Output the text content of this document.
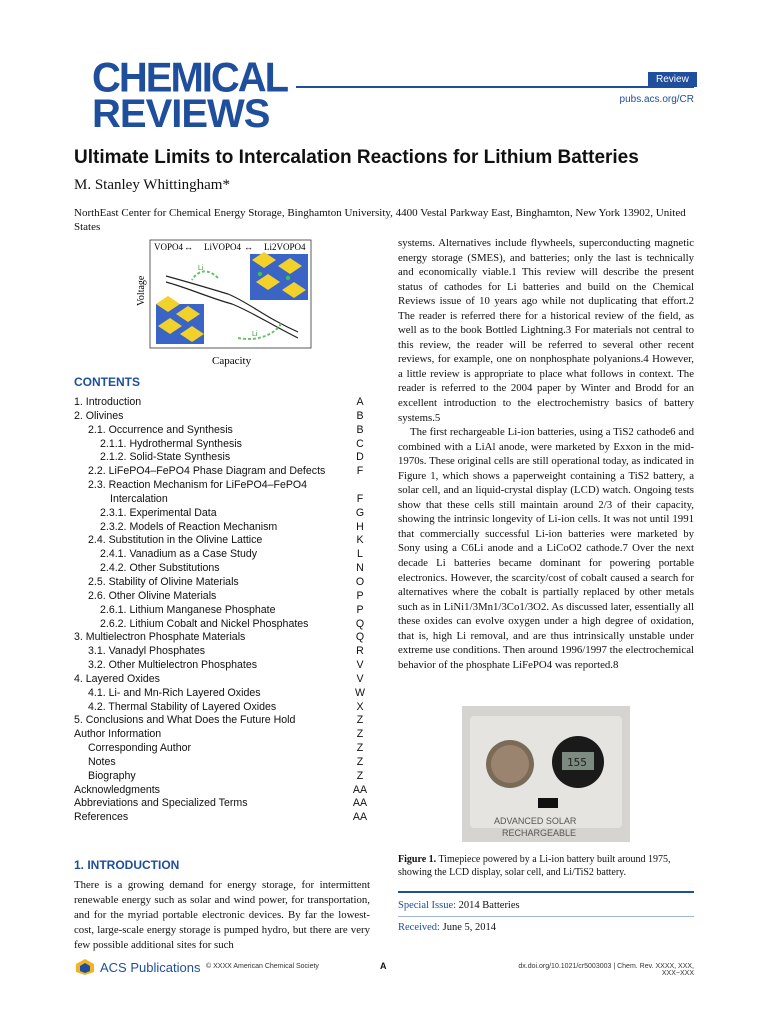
CHEMICAL
REVIEWS
Review
pubs.acs.org/CR
Ultimate Limits to Intercalation Reactions for Lithium Batteries
M. Stanley Whittingham*
NorthEast Center for Chemical Energy Storage, Binghamton University, 4400 Vestal Parkway East, Binghamton, New York 13902, United States
VOPO4 ↔ LiVOPO4 ↔ Li2VOPO4
Li
Li
Voltage
Capacity
CONTENTS
1. Introduction	A
2. Olivines	B
2.1. Occurrence and Synthesis	B
2.1.1. Hydrothermal Synthesis	C
2.1.2. Solid-State Synthesis	D
2.2. LiFePO4–FePO4 Phase Diagram and Defects	F
2.3. Reaction Mechanism for LiFePO4–FePO4
Intercalation	F
2.3.1. Experimental Data	G
2.3.2. Models of Reaction Mechanism	H
2.4. Substitution in the Olivine Lattice	K
2.4.1. Vanadium as a Case Study	L
2.4.2. Other Substitutions	N
2.5. Stability of Olivine Materials	O
2.6. Other Olivine Materials	P
2.6.1. Lithium Manganese Phosphate	P
2.6.2. Lithium Cobalt and Nickel Phosphates	Q
3. Multielectron Phosphate Materials	Q
3.1. Vanadyl Phosphates	R
3.2. Other Multielectron Phosphates	V
4. Layered Oxides	V
4.1. Li- and Mn-Rich Layered Oxides	W
4.2. Thermal Stability of Layered Oxides	X
5. Conclusions and What Does the Future Hold	Z
Author Information	Z
Corresponding Author	Z
Notes	Z
Biography	Z
Acknowledgments	AA
Abbreviations and Specialized Terms	AA
References	AA
1. INTRODUCTION
There is a growing demand for energy storage, for intermittent renewable energy such as solar and wind power, for transportation, and for the myriad portable electronic devices. By far the lowest-cost, large-scale energy storage is pumped hydro, but there are very few possible additional sites for such

systems. Alternatives include flywheels, superconducting magnetic energy storage (SMES), and batteries; only the last is technically and economically viable.1 This review will describe the present status of cathodes for Li batteries and build on the Chemical Reviews issue of 10 years ago while not duplicating that effort.2 The reader is referred there for a historical review of the field, as well as to the book Bottled Lightning.3 For materials not central to this review, the reader will be referred to several other recent reviews, for example, one on nonphosphate polyanions.4 However, a little review is appropriate to place what follows in context. The reader is referred to the 2004 paper by Winter and Brodd for an excellent introduction to the electrochemistry basics of battery systems.5

The first rechargeable Li-ion batteries, using a TiS2 cathode6 and combined with a LiAl anode, were marketed by Exxon in the mid-1970s. These original cells are still operational today, as indicated in Figure 1, which shows a paperweight containing a TiS2 battery, a solar cell, and an liquid-crystal display (LCD) watch. Ongoing tests show that these cells still maintain around 2/3 of their capacity, showing the intrinsic longevity of Li-ion cells. It was not until 1991 that commercially successful Li-ion batteries were marketed by Sony using a C6Li anode and a LiCoO2 cathode.7 Over the next decade Li batteries became dominant for powering portable electronics. However, the scarcity/cost of cobalt caused a search for alternatives where the cobalt is partially replaced by other metals such as in LiNi1/3Mn1/3Co1/3O2. As discussed later, essentially all these oxides can evolve oxygen under a high degree of oxidation, that is, high Li removal, and are thus intrinsically unstable under extreme use conditions. Then around 1996/1997 the electrochemical behavior of the phosphate LiFePO4 was reported.8

155
ADVANCED SOLAR
RECHARGEABLE
Figure 1. Timepiece powered by a Li-ion battery built around 1975, showing the LCD display, solar cell, and Li/TiS2 battery.
Special Issue: 2014 Batteries
Received: June 5, 2014
ACS Publications © XXXX American Chemical Society	A	dx.doi.org/10.1021/cr5003003 | Chem. Rev. XXXX, XXX, XXX−XXX
